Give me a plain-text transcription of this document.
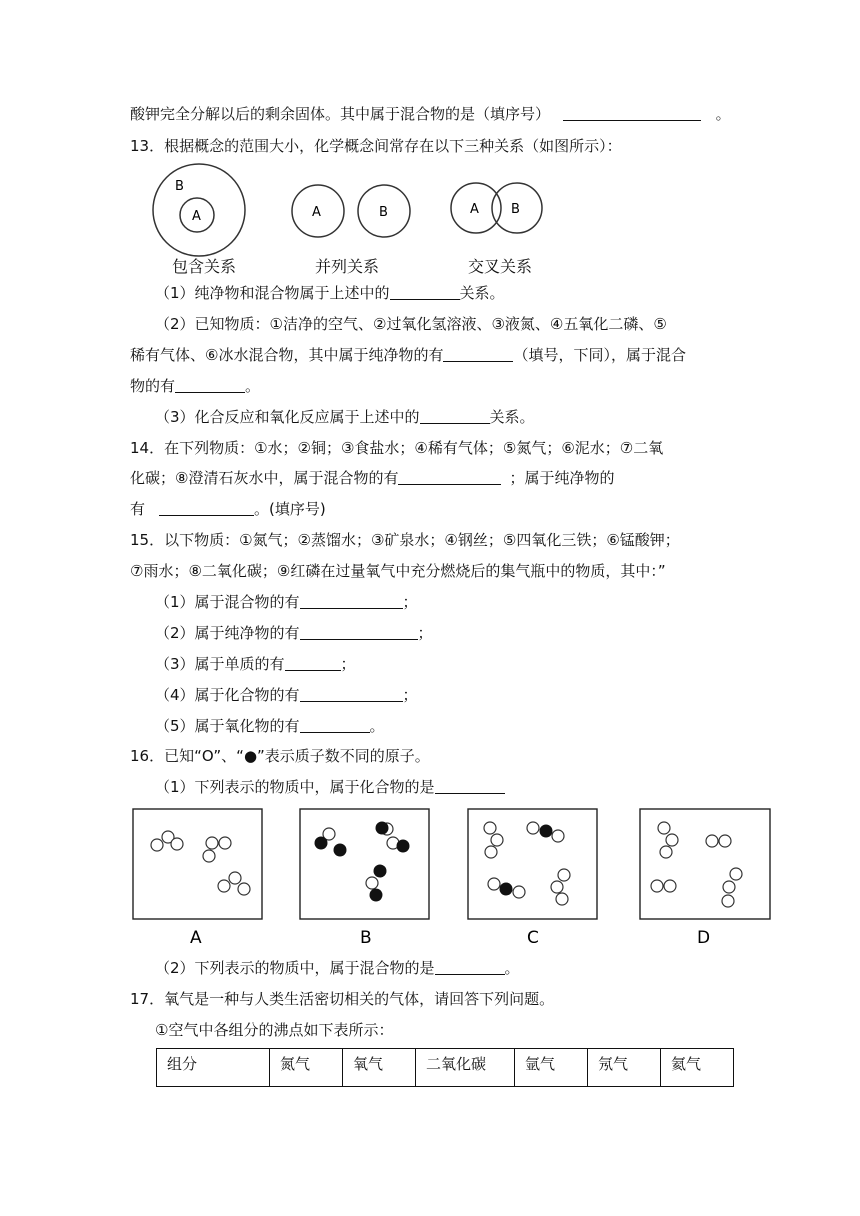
酸钾完全分解以后的剩余固体。其中属于混合物的是（填序号）	。
13．根据概念的范围大小，化学概念间常存在以下三种关系（如图所示）：
B
A	A	B	A B
包含关系	并列关系	交叉关系
（1）纯净物和混合物属于上述中的	关系。
（2）已知物质：①洁净的空气、②过氧化氢溶液、③液氮、④五氧化二磷、⑤
稀有气体、⑥冰水混合物，其中属于纯净物的有	（填号，下同），属于混合
物的有	。
（3）化合反应和氧化反应属于上述中的	关系。
14．在下列物质：①水；②铜；③食盐水；④稀有气体；⑤氮气；⑥泥水；⑦二氧
化碳；⑧澄清石灰水中，属于混合物的有	；属于纯净物的
有	。(填序号)
15．以下物质：①氮气；②蒸馏水；③矿泉水；④钢丝；⑤四氧化三铁；⑥锰酸钾；
⑦雨水；⑧二氧化碳；⑨红磷在过量氧气中充分燃烧后的集气瓶中的物质，其中：”
（1）属于混合物的有	；
（2）属于纯净物的有	；
（3）属于单质的有	；
（4）属于化合物的有	；
（5）属于氧化物的有	。
16．已知“O”、“●”表示质子数不同的原子。
（1）下列表示的物质中，属于化合物的是
A	B	C	D
（2）下列表示的物质中，属于混合物的是	。
17．氧气是一种与人类生活密切相关的气体，请回答下列问题。
①空气中各组分的沸点如下表所示：
组分	氮气	氧气	二氧化碳	氩气	氖气	氦气
